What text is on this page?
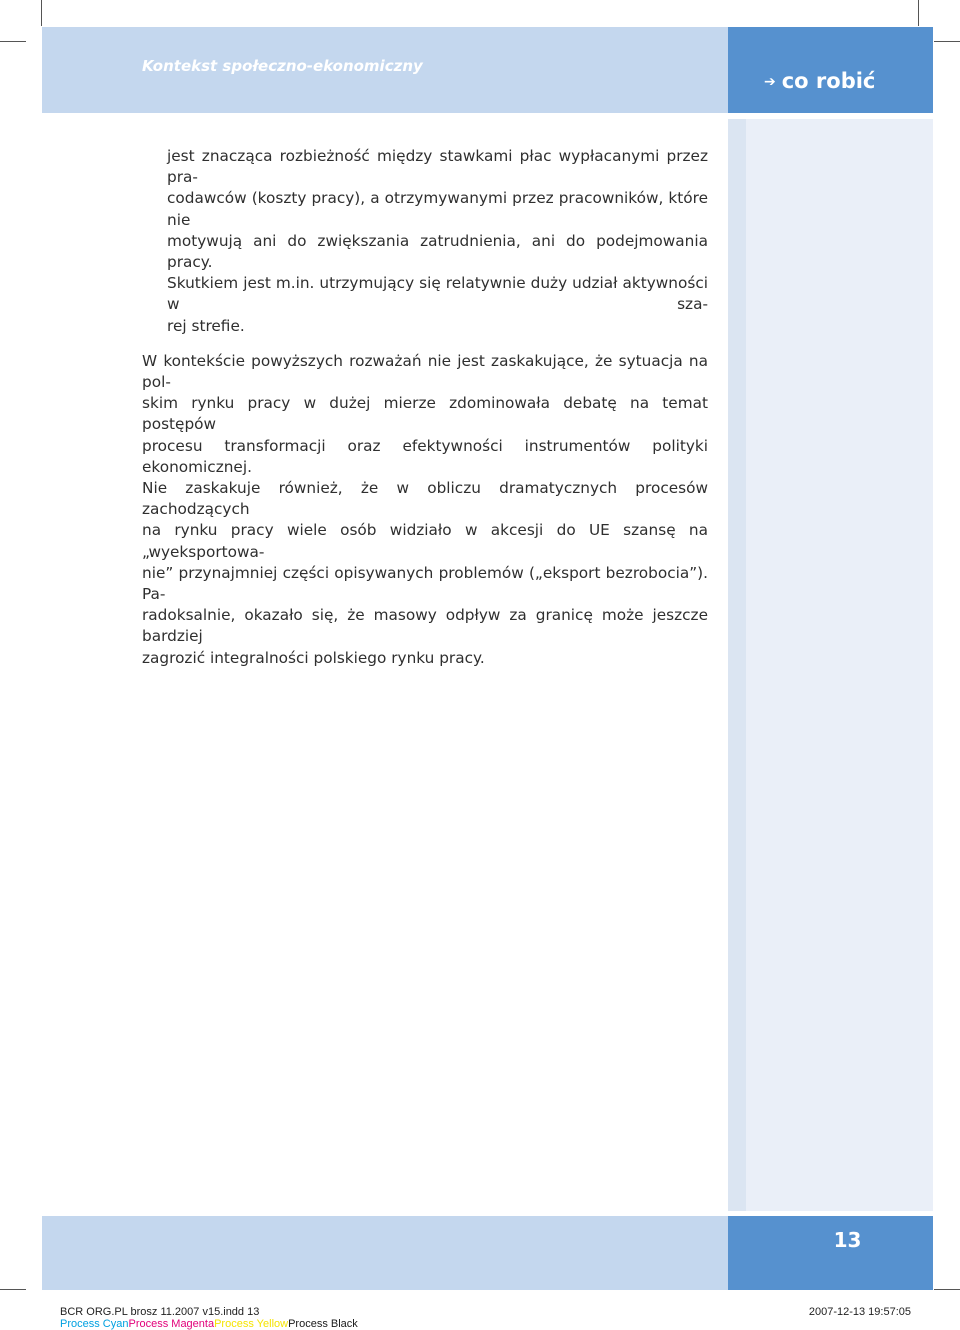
Kontekst społeczno-ekonomiczny
➔ co robić

jest znacząca rozbieżność między stawkami płac wypłacanymi przez pra-
codawców (koszty pracy), a otrzymywanymi przez pracowników, które nie
motywują ani do zwiększania zatrudnienia, ani do podejmowania pracy.
Skutkiem jest m.in. utrzymujący się relatywnie duży udział aktywności w sza-
rej strefie.

W kontekście powyższych rozważań nie jest zaskakujące, że sytuacja na pol-
skim rynku pracy w dużej mierze zdominowała debatę na temat postępów
procesu transformacji oraz efektywności instrumentów polityki ekonomicznej.
Nie zaskakuje również, że w obliczu dramatycznych procesów zachodzących
na rynku pracy wiele osób widziało w akcesji do UE szansę na „wyeksportowa-
nie” przynajmniej części opisywanych problemów („eksport bezrobocia”). Pa-
radoksalnie, okazało się, że masowy odpływ za granicę może jeszcze bardziej
zagrozić integralności polskiego rynku pracy.

13
BCR ORG.PL brosz 11.2007 v15.indd 13	2007-12-13 19:57:05
Process CyanProcess MagentaProcess YellowProcess Black
